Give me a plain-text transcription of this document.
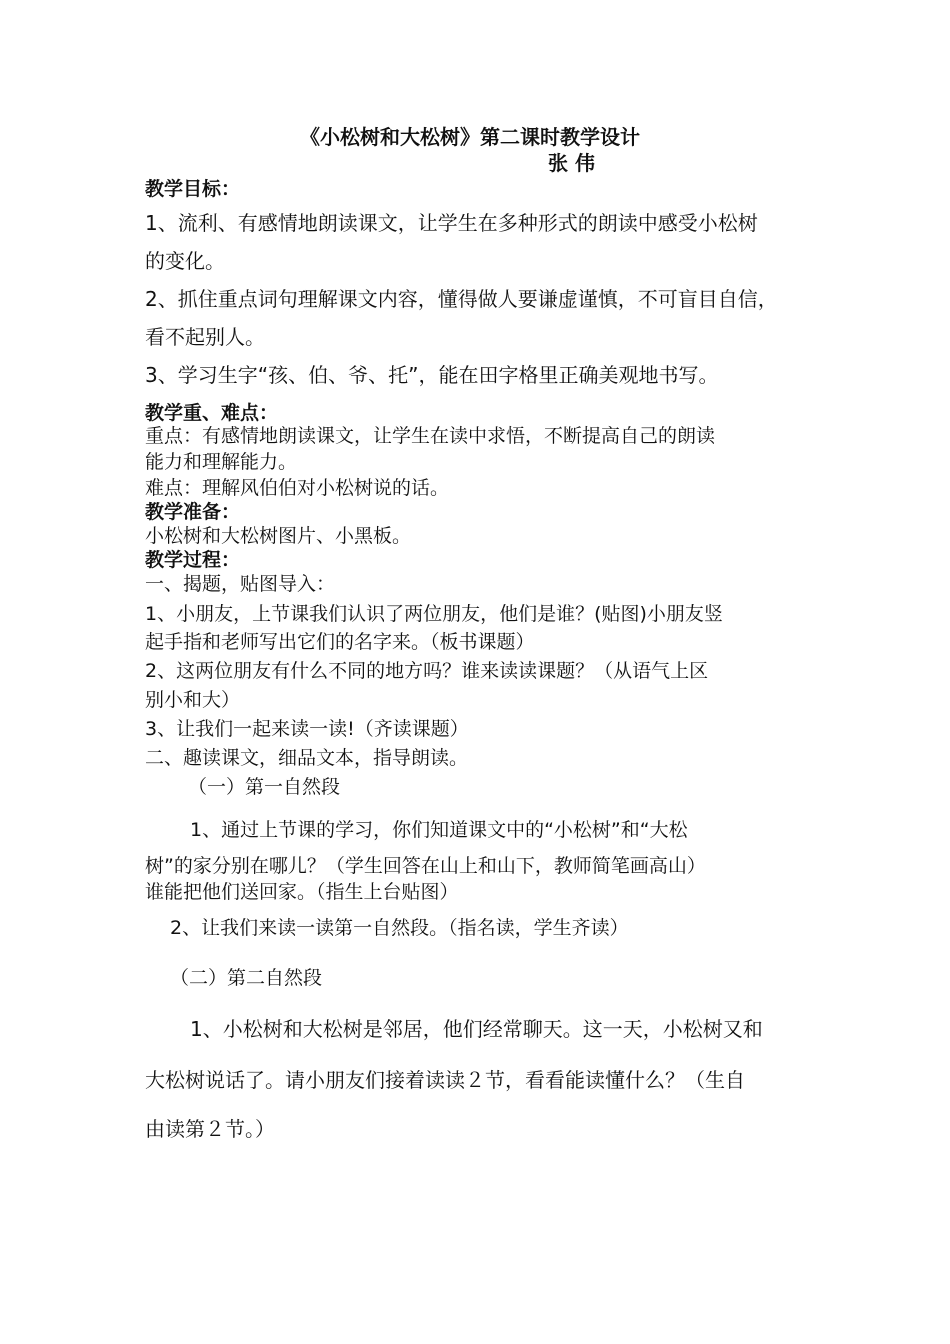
《小松树和大松树》第二课时教学设计
张 伟
教学目标：
1、流利、有感情地朗读课文，让学生在多种形式的朗读中感受小松树
的变化。
2、抓住重点词句理解课文内容，懂得做人要谦虚谨慎，不可盲目自信，
看不起别人。
3、学习生字“孩、伯、爷、托”，能在田字格里正确美观地书写。
教学重、难点：
重点：有感情地朗读课文，让学生在读中求悟，不断提高自己的朗读
能力和理解能力。
难点：理解风伯伯对小松树说的话。
教学准备：
小松树和大松树图片、小黑板。
教学过程：
一、揭题，贴图导入：
1、小朋友，上节课我们认识了两位朋友，他们是谁？(贴图)小朋友竖
起手指和老师写出它们的名字来。（板书课题）
2、这两位朋友有什么不同的地方吗？谁来读读课题？（从语气上区
别小和大）
3、让我们一起来读一读!（齐读课题）
二、趣读课文，细品文本，指导朗读。
（一）第一自然段
1、通过上节课的学习，你们知道课文中的“小松树”和“大松
树”的家分别在哪儿？（学生回答在山上和山下，教师简笔画高山）
谁能把他们送回家。（指生上台贴图）
2、让我们来读一读第一自然段。（指名读，学生齐读）
（二）第二自然段
1、小松树和大松树是邻居，他们经常聊天。这一天，小松树又和
大松树说话了。请小朋友们接着读读２节，看看能读懂什么？（生自
由读第２节。）
